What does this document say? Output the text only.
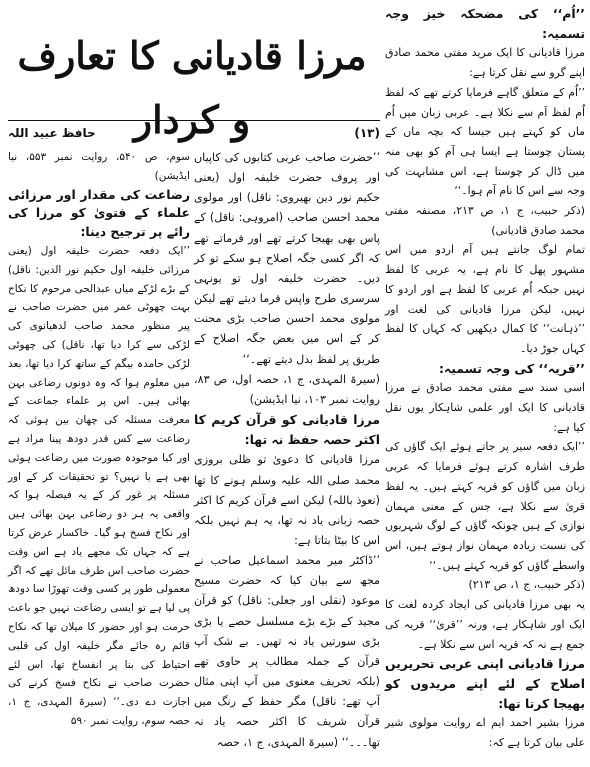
مرزا قادیانی کا تعارف و کردار
حافظ عبید اللہ	(۱۳)

’’اُم‘‘ کی مضحکہ خیز وجہ تسمیہ:

مرزا قادیانی کا ایک مرید مفتی محمد صادق اپنے گرو سے نقل کرتا ہے:

’’اُم کے متعلق گاہے فرمایا کرتے تھے کہ لفظ اُم لفظ اَم سے نکلا ہے۔ عربی زبان میں اُم ماں کو کہتے ہیں جیسا کہ بچہ ماں کے پستان چوستا ہے ایسا ہی آم کو بھی منہ میں ڈال کر چوستا ہے، اس مشابہت کی وجہ سے اس کا نام آم ہوا۔‘‘

(ذکر حبیب، ج ۱، ص ۲۱۳، مصنفہ مفتی محمد صادق قادیانی)

تمام لوگ جانتے ہیں آم اردو میں اس مشہور پھل کا نام ہے، یہ عربی کا لفظ نہیں جبکہ اُم عربی کا لفظ ہے اور اردو کا نہیں، لیکن مرزا قادیانی کی لغت اور ’’ذہانت‘‘ کا کمال دیکھیں کہ کہاں کا لفظ کہاں جوڑ دیا۔

’’قریہ‘‘ کی وجہ تسمیہ:

اسی سند سے مفتی محمد صادق نے مرزا قادیانی کا ایک اور علمی شاہکار یوں نقل کیا ہے:

’’ایک دفعہ سیر پر جاتے ہوئے ایک گاؤں کی طرف اشارہ کرتے ہوئے فرمایا کہ عربی زبان میں گاؤں کو قریہ کہتے ہیں۔ یہ لفظ قریٰ سے نکلا ہے، جس کے معنی مہمان نوازی کے ہیں چونکہ گاؤں کے لوگ شہریوں کی نسبت زیادہ مہمان نواز ہوتے ہیں، اس واسطے گاؤں کو قریہ کہتے ہیں۔‘‘

(ذکر حبیب، ج ۱، ص ۲۱۳)

یہ بھی مرزا قادیانی کی ایجاد کردہ لغت کا ایک اور شاہکار ہے، ورنہ ’’قریٰ‘‘ قریہ کی جمع ہے نہ کہ قریہ اس سے نکلا ہے۔

مرزا قادیانی اپنی عربی تحریریں اصلاح کے لئے اپنے مریدوں کو بھیجا کرتا تھا:

مرزا بشیر احمد ایم اے روایت مولوی شیر علی بیان کرتا ہے کہ:

’’حضرت صاحب عربی کتابوں کی کاپیاں اور پروف حضرت خلیفہ اول (یعنی حکیم نور دین بھیروی: ناقل) اور مولوی محمد احسن صاحب (امروہی: ناقل) کے پاس بھی بھیجا کرتے تھے اور فرماتے تھے کہ اگر کسی جگہ اصلاح ہو سکے تو کر دیں۔ حضرت خلیفہ اول تو یونہی سرسری طرح واپس فرما دیتے تھے لیکن مولوی محمد احسن صاحب بڑی محنت کر کے اس میں بعض جگہ اصلاح کے طریق پر لفظ بدل دیتے تھے۔‘‘

(سیرۃ المہدی، ج ۱، حصہ اول، ص ۸۳، روایت نمبر ۱۰۳، نیا ایڈیشن)

مرزا قادیانی کو قرآن کریم کا اکثر حصہ حفظ نہ تھا:

مرزا قادیانی کا دعویٰ تو ظلی بروزی محمد صلی اللہ علیہ وسلم ہونے کا تھا (نعوذ باللہ) لیکن اسے قرآن کریم کا اکثر حصہ زبانی یاد نہ تھا، یہ ہم نہیں بلکہ اس کا بیٹا بتاتا ہے:

’’ڈاکٹر میر محمد اسماعیل صاحب نے مجھ سے بیان کیا کہ حضرت مسیح موعود (نقلی اور جعلی: ناقل) کو قرآن مجید کے بڑے بڑے مسلسل حصے یا بڑی بڑی سورتیں یاد نہ تھیں۔ بے شک آپ قرآن کے جملہ مطالب پر حاوی تھے (بلکہ تحریف معنوی میں آپ اپنی مثال آپ تھے: ناقل) مگر حفظ کے رنگ میں قرآن شریف کا اکثر حصہ یاد نہ تھا۔۔۔‘‘ (سیرۃ المہدی، ج ۱، حصہ

سوم، ص ۵۴۰، روایت نمبر ۵۵۳، نیا ایڈیشن)

رضاعت کی مقدار اور مرزائی علماء کے فتویٰ کو مرزا کی رائے پر ترجیح دینا:

’’ایک دفعہ حضرت خلیفہ اول (یعنی مرزائی خلیفہ اول حکیم نور الدین: ناقل) کے بڑے لڑکے میاں عبدالحی مرحوم کا نکاح بہت چھوٹی عمر میں حضرت صاحب نے پیر منظور محمد صاحب لدھیانوی کی لڑکی سے کرا دیا تھا، ناقل) کی چھوٹی لڑکی حامدہ بیگم کے ساتھ کرا دیا تھا، بعد میں معلوم ہوا کہ وہ دونوں رضاعی بہن بھائی ہیں۔ اس پر علماء جماعت کے معرفت مسئلہ کی چھان بین ہوئی کہ رضاعت سے کس قدر دودھ پینا مراد ہے اور کیا موجودہ صورت میں رضاعت ہوئی بھی ہے یا نہیں؟ تو تحقیقات کر کے اور مسئلہ پر غور کر کے یہ فیصلہ ہوا کہ واقعی یہ ہر دو رضاعی بہن بھائی ہیں اور نکاح فسخ ہو گیا۔ خاکسار عرض کرتا ہے کہ جہاں تک مجھے یاد ہے اس وقت حضرت صاحب اس طرف مائل تھے کہ اگر معمولی طور پر کسی وقت تھوڑا سا دودھ پی لیا ہے تو ایسی رضاعت نہیں جو باعث حرمت ہو اور حضور کا میلان تھا کہ نکاح قائم رہ جائے مگر خلیفہ اول کی قلبی احتیاط کی بنا پر انفساخ تھا، اس لئے حضرت صاحب نے نکاح فسخ کرنے کی اجازت دے دی۔‘‘ (سیرۃ المہدی، ج ۱، حصہ سوم، روایت نمبر ۵۹۰
